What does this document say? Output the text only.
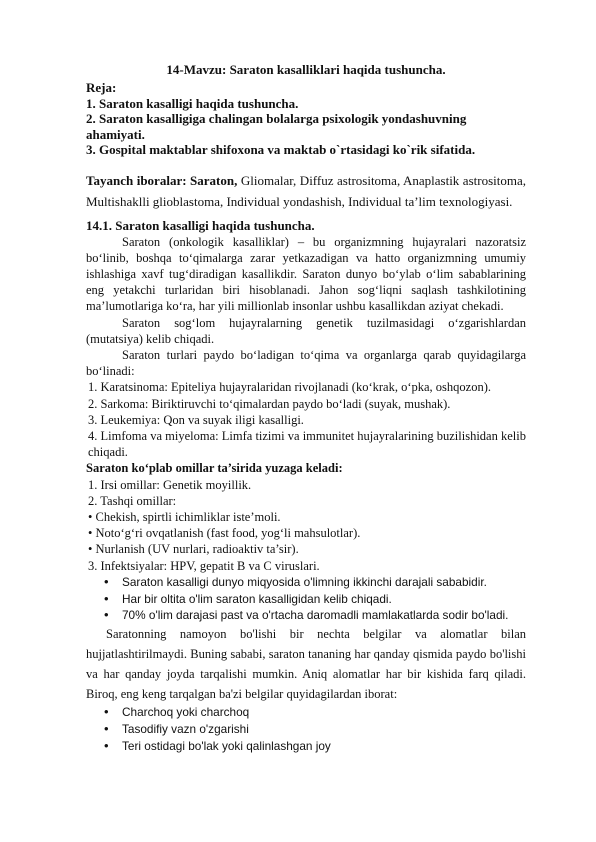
14-Mavzu: Saraton kasalliklari haqida tushuncha.
Reja:
1. Saraton kasalligi haqida tushuncha.
2. Saraton kasalligiga chalingan bolalarga psixologik yondashuvning ahamiyati.
3. Gospital maktablar shifoxona va maktab o`rtasidagi ko`rik sifatida.
Tayanch iboralar: Saraton, Gliomalar, Diffuz astrositoma, Anaplastik astrositoma, Multishaklli glioblastoma, Individual yondashish, Individual ta’lim texnologiyasi.
14.1. Saraton kasalligi haqida tushuncha.
Saraton (onkologik kasalliklar) – bu organizmning hujayralari nazoratsiz bo‘linib, boshqa to‘qimalarga zarar yetkazadigan va hatto organizmning umumiy ishlashiga xavf tug‘diradigan kasallikdir. Saraton dunyo bo‘ylab o‘lim sabablarining eng yetakchi turlaridan biri hisoblanadi. Jahon sog‘liqni saqlash tashkilotining ma’lumotlariga ko‘ra, har yili millionlab insonlar ushbu kasallikdan aziyat chekadi.
Saraton sog‘lom hujayralarning genetik tuzilmasidagi o‘zgarishlardan (mutatsiya) kelib chiqadi.
Saraton turlari paydo bo‘ladigan to‘qima va organlarga qarab quyidagilarga bo‘linadi:
1. Karatsinoma: Epiteliya hujayralaridan rivojlanadi (ko‘krak, o‘pka, oshqozon).
2. Sarkoma: Biriktiruvchi to‘qimalardan paydo bo‘ladi (suyak, mushak).
3. Leukemiya: Qon va suyak iligi kasalligi.
4. Limfoma va miyeloma: Limfa tizimi va immunitet hujayralarining buzilishidan kelib chiqadi.
Saraton ko‘plab omillar ta’sirida yuzaga keladi:
1. Irsi omillar: Genetik moyillik.
2. Tashqi omillar:
• Chekish, spirtli ichimliklar iste’moli.
• Noto‘g‘ri ovqatlanish (fast food, yog‘li mahsulotlar).
• Nurlanish (UV nurlari, radioaktiv ta’sir).
3. Infektsiyalar: HPV, gepatit B va C viruslari.
• Saraton kasalligi dunyo miqyosida o'limning ikkinchi darajali sababidir.
• Har bir oltita o'lim saraton kasalligidan kelib chiqadi.
• 70% o'lim darajasi past va o'rtacha daromadli mamlakatlarda sodir bo'ladi.
Saratonning namoyon bo'lishi bir nechta belgilar va alomatlar bilan hujjatlashtirilmaydi. Buning sababi, saraton tananing har qanday qismida paydo bo'lishi va har qanday joyda tarqalishi mumkin. Aniq alomatlar har bir kishida farq qiladi. Biroq, eng keng tarqalgan ba'zi belgilar quyidagilardan iborat:
• Charchoq yoki charchoq
• Tasodifiy vazn o'zgarishi
• Teri ostidagi bo'lak yoki qalinlashgan joy
